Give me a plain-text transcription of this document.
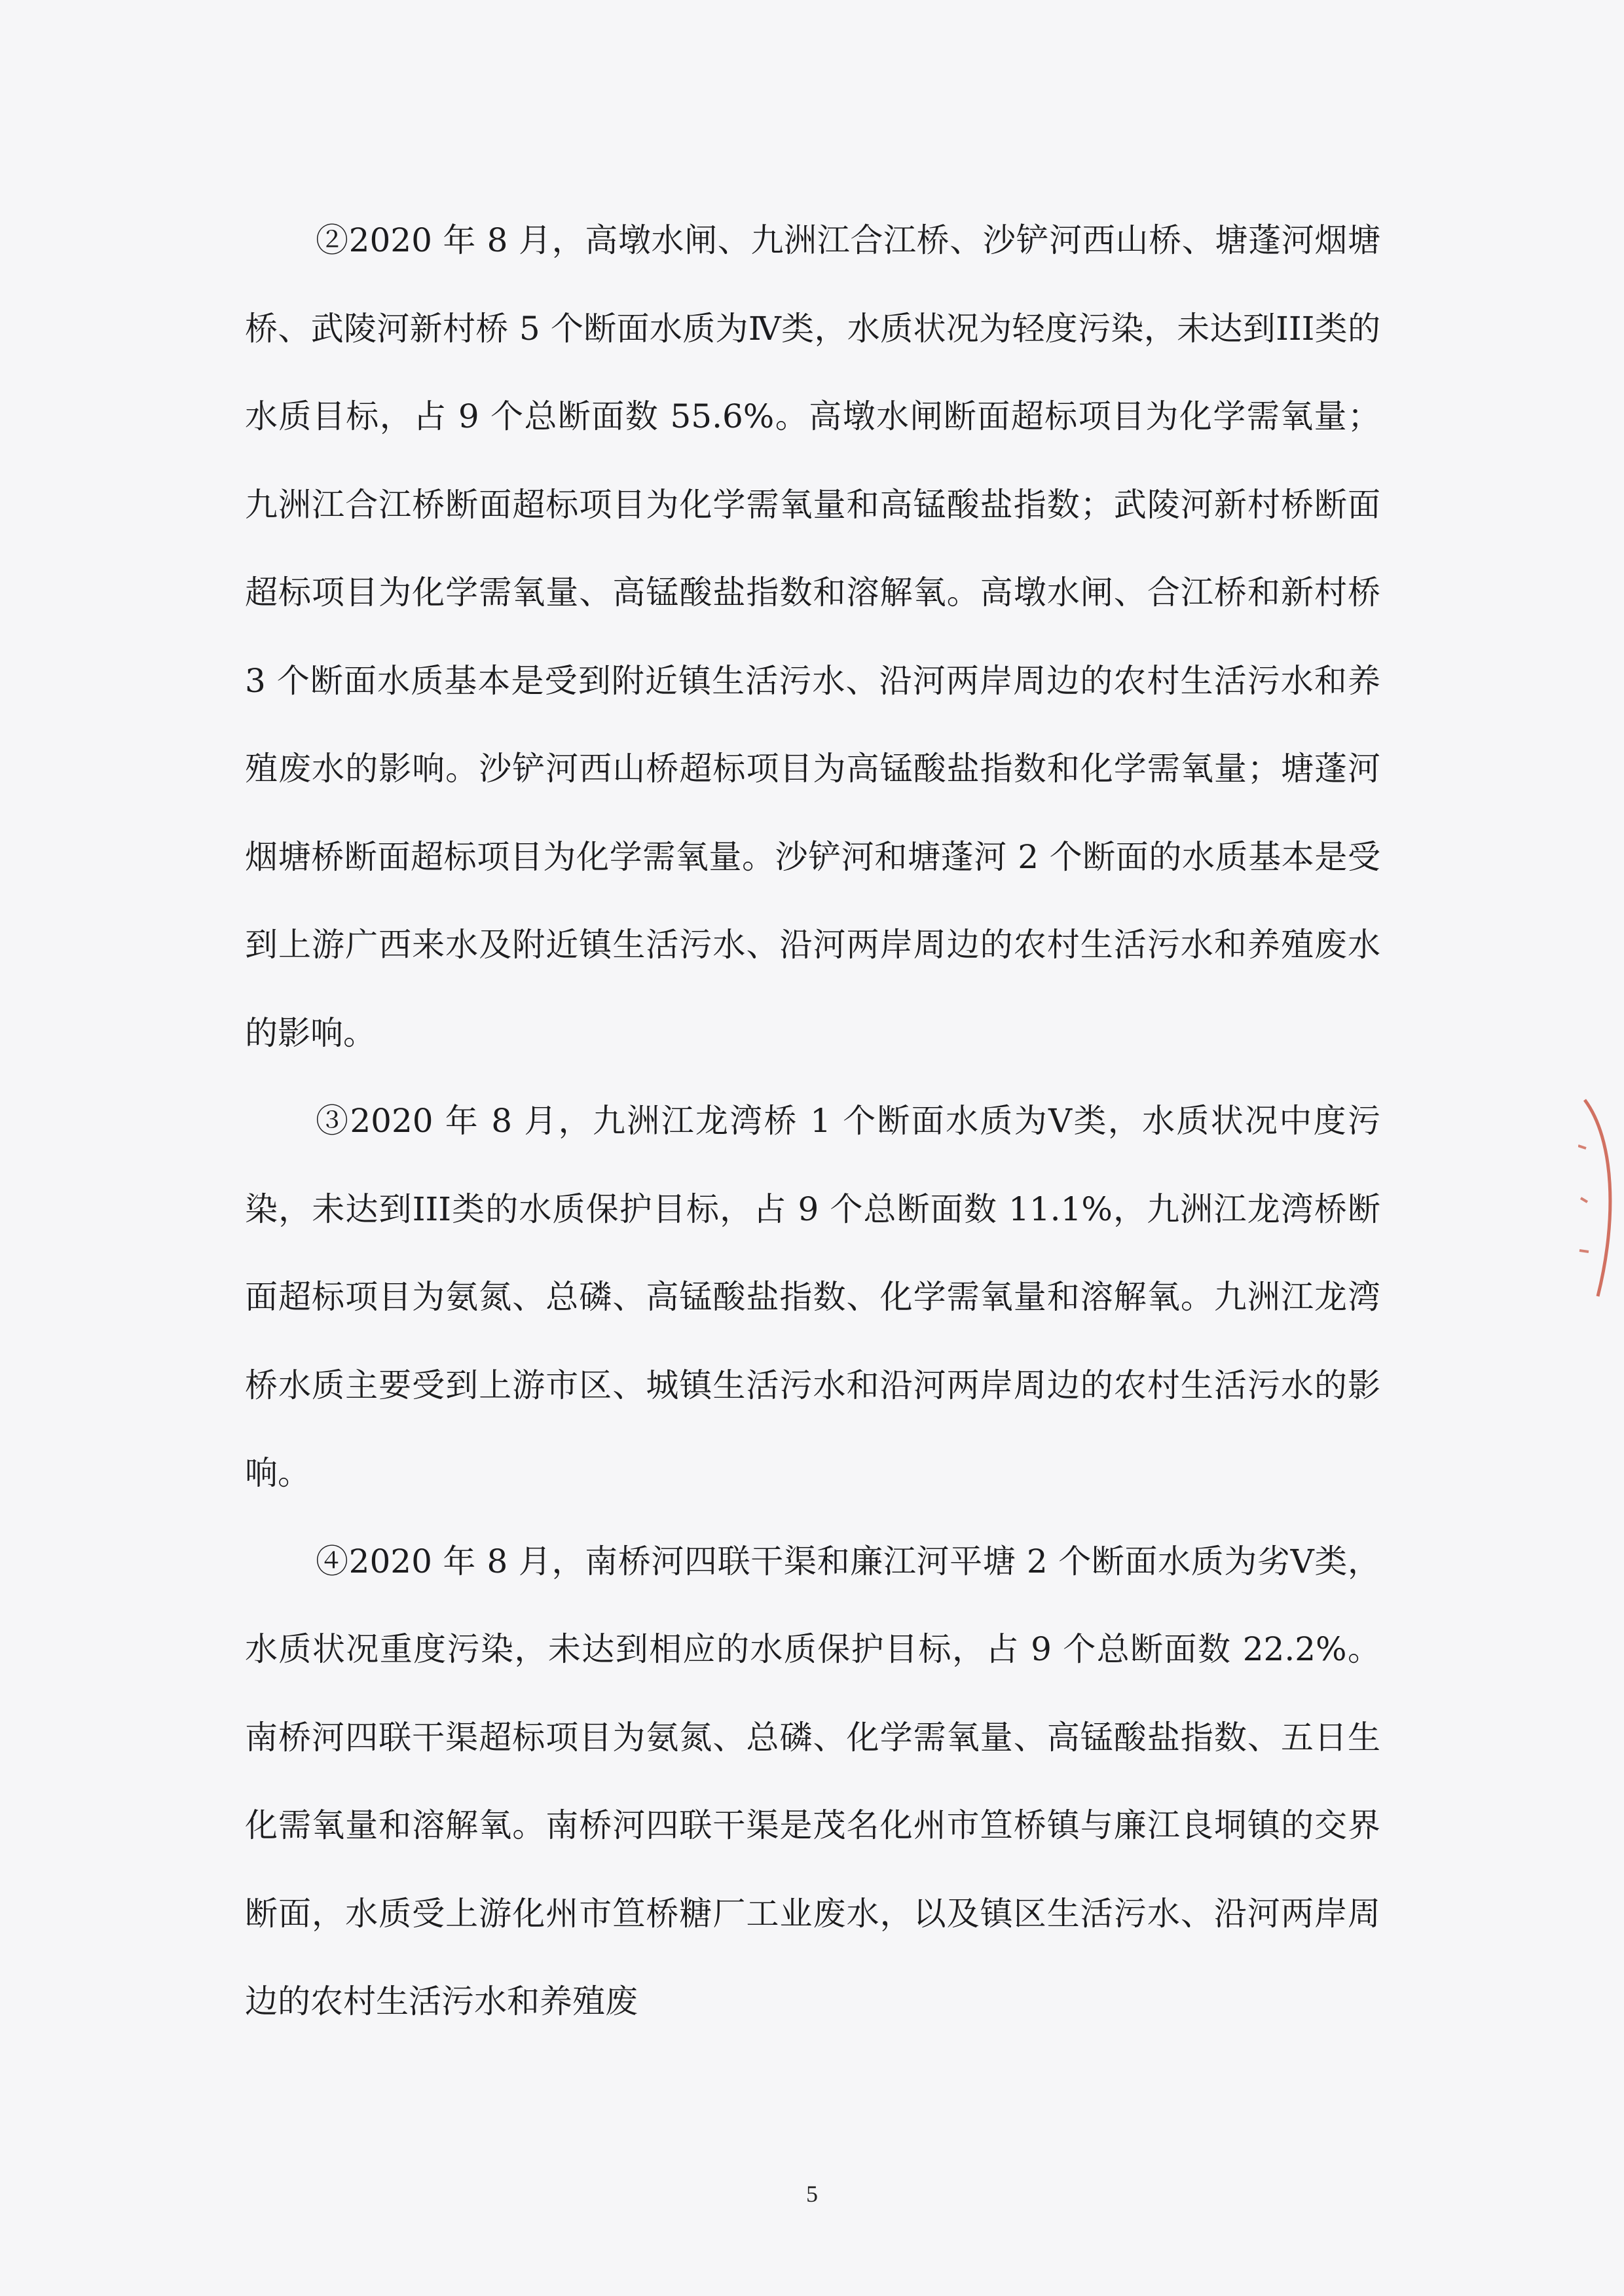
②2020 年 8 月，高墩水闸、九洲江合江桥、沙铲河西山桥、塘蓬河烟塘桥、武陵河新村桥 5 个断面水质为Ⅳ类，水质状况为轻度污染，未达到III类的水质目标，占 9 个总断面数 55.6%。高墩水闸断面超标项目为化学需氧量；九洲江合江桥断面超标项目为化学需氧量和高锰酸盐指数；武陵河新村桥断面超标项目为化学需氧量、高锰酸盐指数和溶解氧。高墩水闸、合江桥和新村桥 3 个断面水质基本是受到附近镇生活污水、沿河两岸周边的农村生活污水和养殖废水的影响。沙铲河西山桥超标项目为高锰酸盐指数和化学需氧量；塘蓬河烟塘桥断面超标项目为化学需氧量。沙铲河和塘蓬河 2 个断面的水质基本是受到上游广西来水及附近镇生活污水、沿河两岸周边的农村生活污水和养殖废水的影响。

③2020 年 8 月，九洲江龙湾桥 1 个断面水质为Ⅴ类，水质状况中度污染，未达到III类的水质保护目标，占 9 个总断面数 11.1%，九洲江龙湾桥断面超标项目为氨氮、总磷、高锰酸盐指数、化学需氧量和溶解氧。九洲江龙湾桥水质主要受到上游市区、城镇生活污水和沿河两岸周边的农村生活污水的影响。

④2020 年 8 月，南桥河四联干渠和廉江河平塘 2 个断面水质为劣Ⅴ类，水质状况重度污染，未达到相应的水质保护目标，占 9 个总断面数 22.2%。南桥河四联干渠超标项目为氨氮、总磷、化学需氧量、高锰酸盐指数、五日生化需氧量和溶解氧。南桥河四联干渠是茂名化州市笪桥镇与廉江良垌镇的交界断面，水质受上游化州市笪桥糖厂工业废水，以及镇区生活污水、沿河两岸周边的农村生活污水和养殖废

5
